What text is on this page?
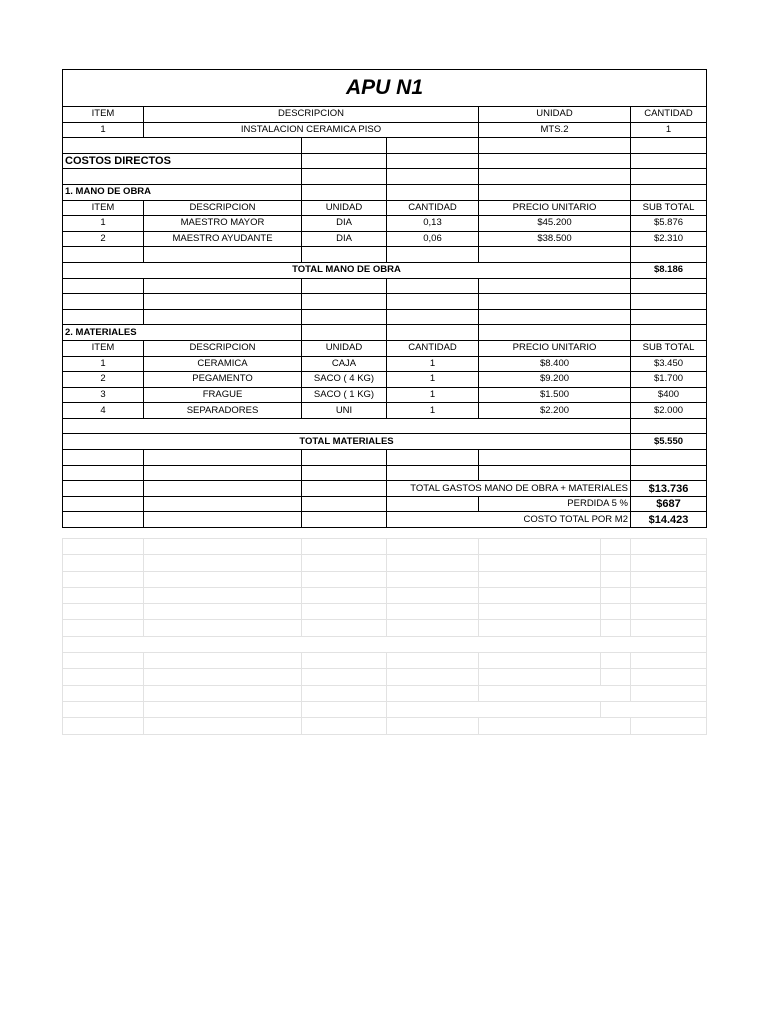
APU N1					
ITEM	DESCRIPCION			UNIDAD	CANTIDAD
1	INSTALACION CERAMICA PISO			MTS.2	1

COSTOS DIRECTOS					

1. MANO DE OBRA					
ITEM	DESCRIPCION	UNIDAD	CANTIDAD	PRECIO UNITARIO	SUB TOTAL
1	MAESTRO MAYOR	DIA	0,13	$45.200	$5.876
2	MAESTRO AYUDANTE	DIA	0,06	$38.500	$2.310

TOTAL MANO DE OBRA					$8.186

2. MATERIALES					
ITEM	DESCRIPCION	UNIDAD	CANTIDAD	PRECIO UNITARIO	SUB TOTAL
1	CERAMICA	CAJA	1	$8.400	$3.450
2	PEGAMENTO	SACO ( 4 KG)	1	$9.200	$1.700
3	FRAGUE	SACO ( 1 KG)	1	$1.500	$400
4	SEPARADORES	UNI	1	$2.200	$2.000

TOTAL MATERIALES					$5.550

			TOTAL GASTOS MANO DE OBRA + MATERIALES		$13.736
				PERDIDA 5 %	$687
			COSTO TOTAL POR M2		$14.423
